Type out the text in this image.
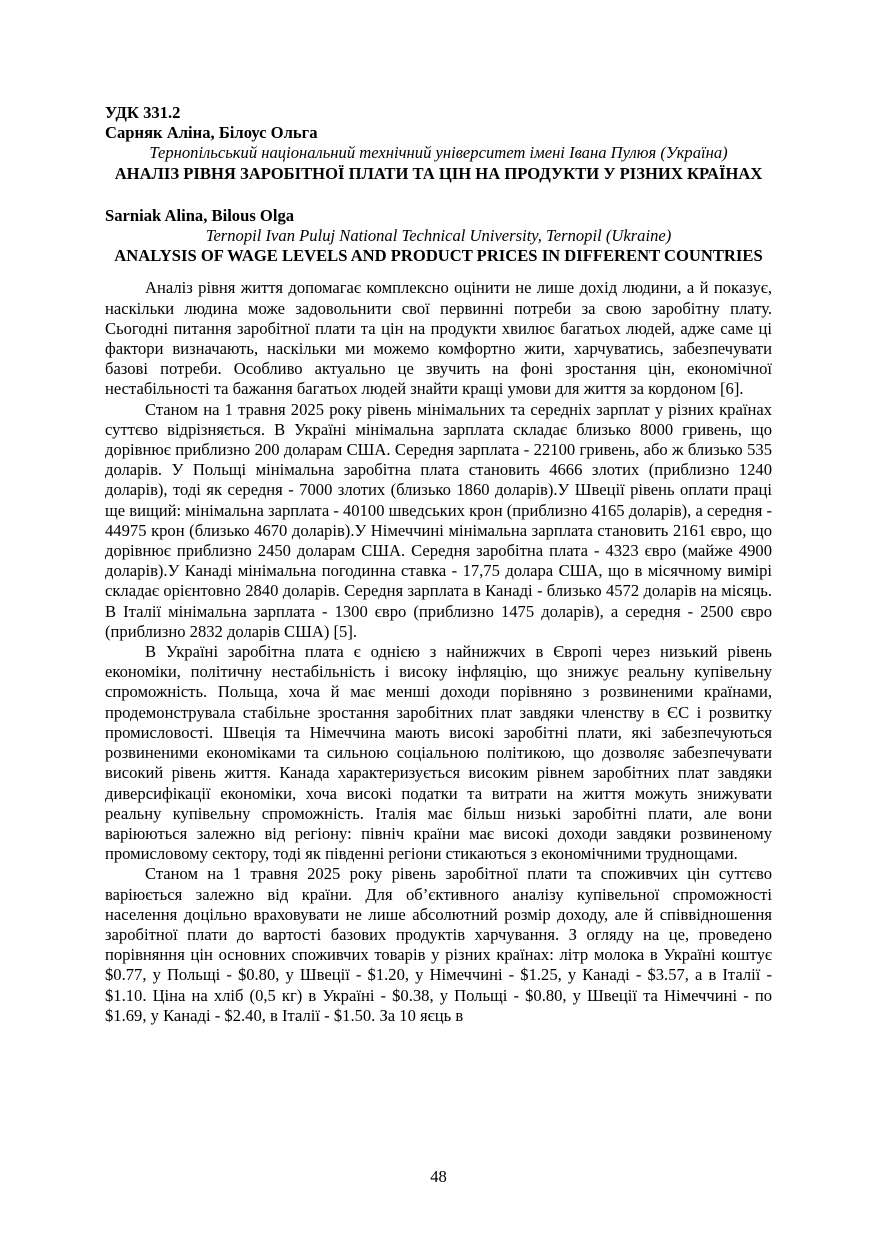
УДК 331.2
Сарняк Аліна, Білоус Ольга
Тернопільський національний технічний університет імені Івана Пулюя (Україна)
АНАЛІЗ РІВНЯ ЗАРОБІТНОЇ ПЛАТИ ТА ЦІН НА ПРОДУКТИ У РІЗНИХ КРАЇНАХ
Sarniak Alina, Bilous Olga
Ternopil Ivan Puluj National Technical University, Ternopil (Ukraine)
ANALYSIS OF WAGE LEVELS AND PRODUCT PRICES IN DIFFERENT COUNTRIES

Аналіз рівня життя допомагає комплексно оцінити не лише дохід людини, а й показує, наскільки людина може задовольнити свої первинні потреби за свою заробітну плату. Сьогодні питання заробітної плати та цін на продукти хвилює багатьох людей, адже саме ці фактори визначають, наскільки ми можемо комфортно жити, харчуватись, забезпечувати базові потреби. Особливо актуально це звучить на фоні зростання цін, економічної нестабільності та бажання багатьох людей знайти кращі умови для життя за кордоном [6].

Станом на 1 травня 2025 року рівень мінімальних та середніх зарплат у різних країнах суттєво відрізняється. В Україні мінімальна зарплата складає близько 8000 гривень, що дорівнює приблизно 200 доларам США. Середня зарплата - 22100 гривень, або ж близько 535 доларів. У Польщі мінімальна заробітна плата становить 4666 злотих (приблизно 1240 доларів), тоді як середня - 7000 злотих (близько 1860 доларів).У Швеції рівень оплати праці ще вищий: мінімальна зарплата - 40100 шведських крон (приблизно 4165 доларів), а середня - 44975 крон (близько 4670 доларів).У Німеччині мінімальна зарплата становить 2161 євро, що дорівнює приблизно 2450 доларам США. Середня заробітна плата - 4323 євро (майже 4900 доларів).У Канаді мінімальна погодинна ставка - 17,75 долара США, що в місячному вимірі складає орієнтовно 2840 доларів. Середня зарплата в Канаді - близько 4572 доларів на місяць. В Італії мінімальна зарплата - 1300 євро (приблизно 1475 доларів), а середня - 2500 євро (приблизно 2832 доларів США) [5].

В Україні заробітна плата є однією з найнижчих в Європі через низький рівень економіки, політичну нестабільність і високу інфляцію, що знижує реальну купівельну спроможність. Польща, хоча й має менші доходи порівняно з розвиненими країнами, продемонструвала стабільне зростання заробітних плат завдяки членству в ЄС і розвитку промисловості. Швеція та Німеччина мають високі заробітні плати, які забезпечуються розвиненими економіками та сильною соціальною політикою, що дозволяє забезпечувати високий рівень життя. Канада характеризується високим рівнем заробітних плат завдяки диверсифікації економіки, хоча високі податки та витрати на життя можуть знижувати реальну купівельну спроможність. Італія має більш низькі заробітні плати, але вони варіюються залежно від регіону: північ країни має високі доходи завдяки розвиненому промисловому сектору, тоді як південні регіони стикаються з економічними труднощами.

Станом на 1 травня 2025 року рівень заробітної плати та споживчих цін суттєво варіюється залежно від країни. Для об’єктивного аналізу купівельної спроможності населення доцільно враховувати не лише абсолютний розмір доходу, але й співвідношення заробітної плати до вартості базових продуктів харчування. З огляду на це, проведено порівняння цін основних споживчих товарів у різних країнах: літр молока в Україні коштує $0.77, у Польщі - $0.80, у Швеції - $1.20, у Німеччині - $1.25, у Канаді - $3.57, а в Італії - $1.10. Ціна на хліб (0,5 кг) в Україні - $0.38, у Польщі - $0.80, у Швеції та Німеччині - по $1.69, у Канаді - $2.40, в Італії - $1.50. За 10 яєць в

48
